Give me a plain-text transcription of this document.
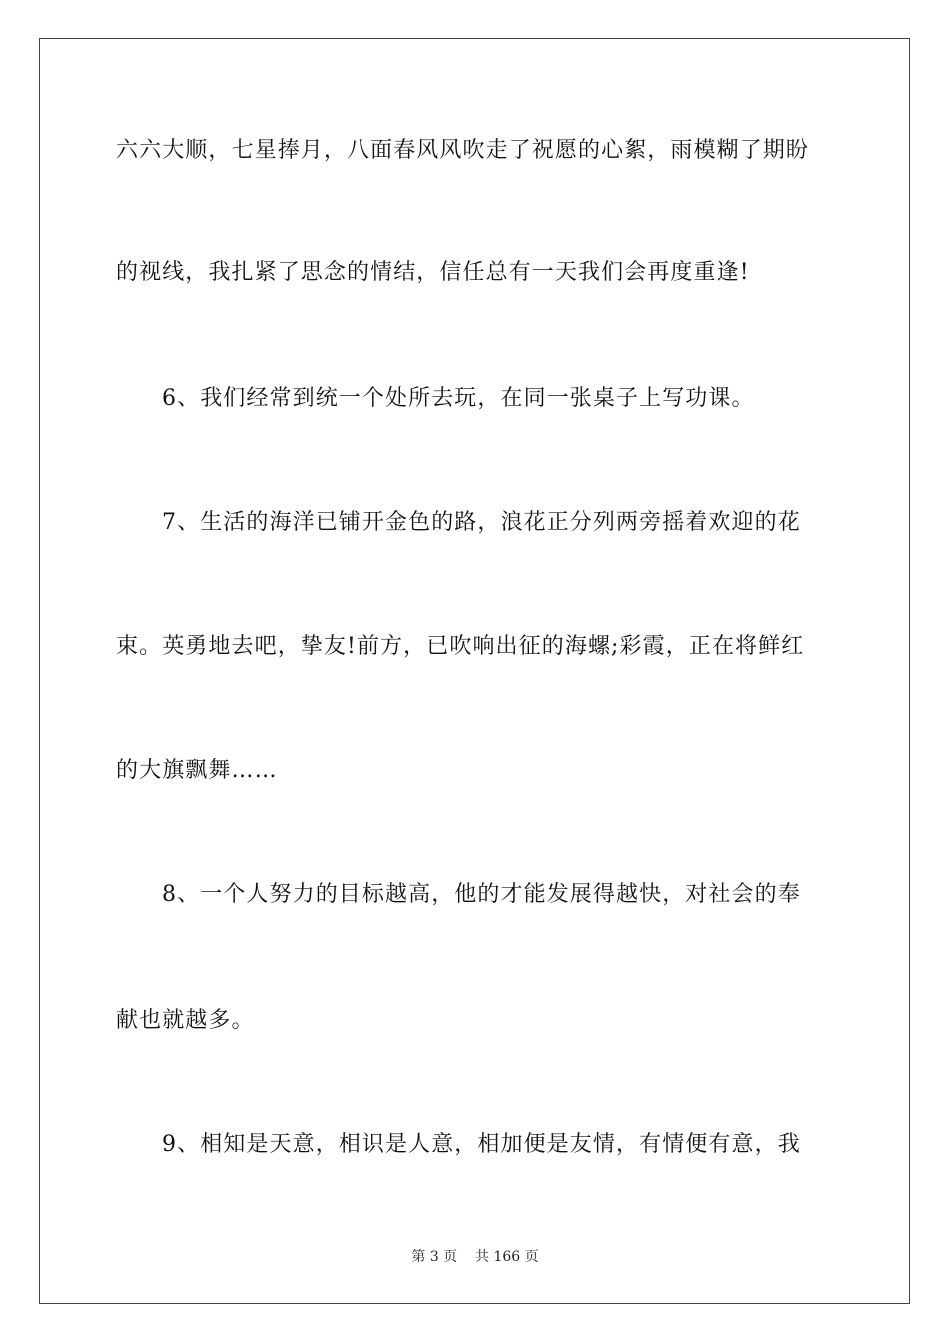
六六大顺，七星捧月，八面春风风吹走了祝愿的心絮，雨模糊了期盼
的视线，我扎紧了思念的情结，信任总有一天我们会再度重逢!
6、我们经常到统一个处所去玩，在同一张桌子上写功课。
7、生活的海洋已铺开金色的路，浪花正分列两旁摇着欢迎的花
束。英勇地去吧，挚友!前方，已吹响出征的海螺;彩霞，正在将鲜红
的大旗飘舞……
8、一个人努力的目标越高，他的才能发展得越快，对社会的奉
献也就越多。
9、相知是天意，相识是人意，相加便是友情，有情便有意，我
第 3 页 共 166 页
